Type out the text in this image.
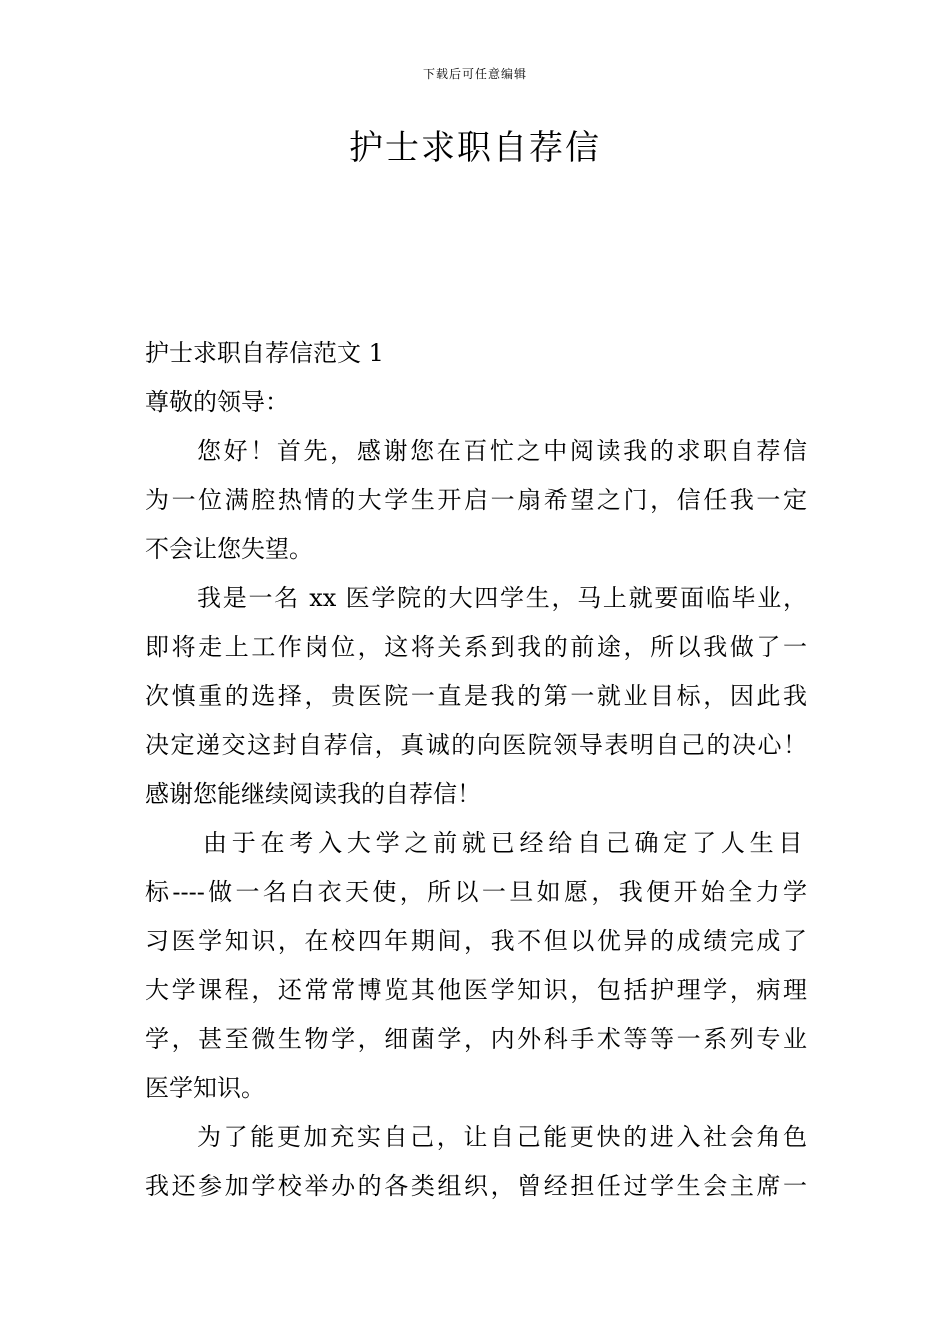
下载后可任意编辑
护士求职自荐信

护士求职自荐信范文 1

尊敬的领导：

您好！首先，感谢您在百忙之中阅读我的求职自荐信
为一位满腔热情的大学生开启一扇希望之门，信任我一定
不会让您失望。
我是一名 xx 医学院的大四学生，马上就要面临毕业，
即将走上工作岗位，这将关系到我的前途，所以我做了一
次慎重的选择，贵医院一直是我的第一就业目标，因此我
决定递交这封自荐信，真诚的向医院领导表明自己的决心！
感谢您能继续阅读我的自荐信！
由于在考入大学之前就已经给自己确定了人生目
标----做一名白衣天使，所以一旦如愿，我便开始全力学
习医学知识，在校四年期间，我不但以优异的成绩完成了
大学课程，还常常博览其他医学知识，包括护理学，病理
学，甚至微生物学，细菌学，内外科手术等等一系列专业
医学知识。
为了能更加充实自己，让自己能更快的进入社会角色
我还参加学校举办的各类组织，曾经担任过学生会主席一
